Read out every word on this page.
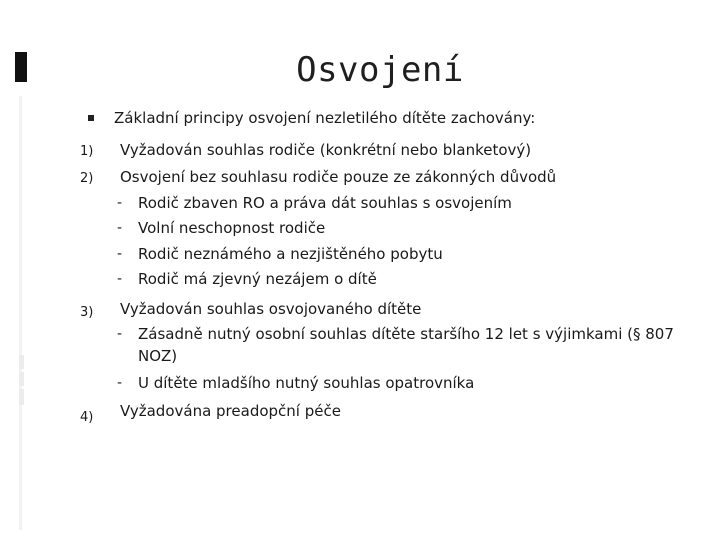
Osvojení
Základní principy osvojení nezletilého dítěte zachovány:
1) Vyžadován souhlas rodiče (konkrétní nebo blanketový)
2) Osvojení bez souhlasu rodiče pouze ze zákonných důvodů
- Rodič zbaven RO a práva dát souhlas s osvojením
- Volní neschopnost rodiče
- Rodič neznámého a nezjištěného pobytu
- Rodič má zjevný nezájem o dítě
3) Vyžadován souhlas osvojovaného dítěte
- Zásadně nutný osobní souhlas dítěte staršího 12 let s výjimkami (§ 807
NOZ)
- U dítěte mladšího nutný souhlas opatrovníka
4) Vyžadována preadopční péče
